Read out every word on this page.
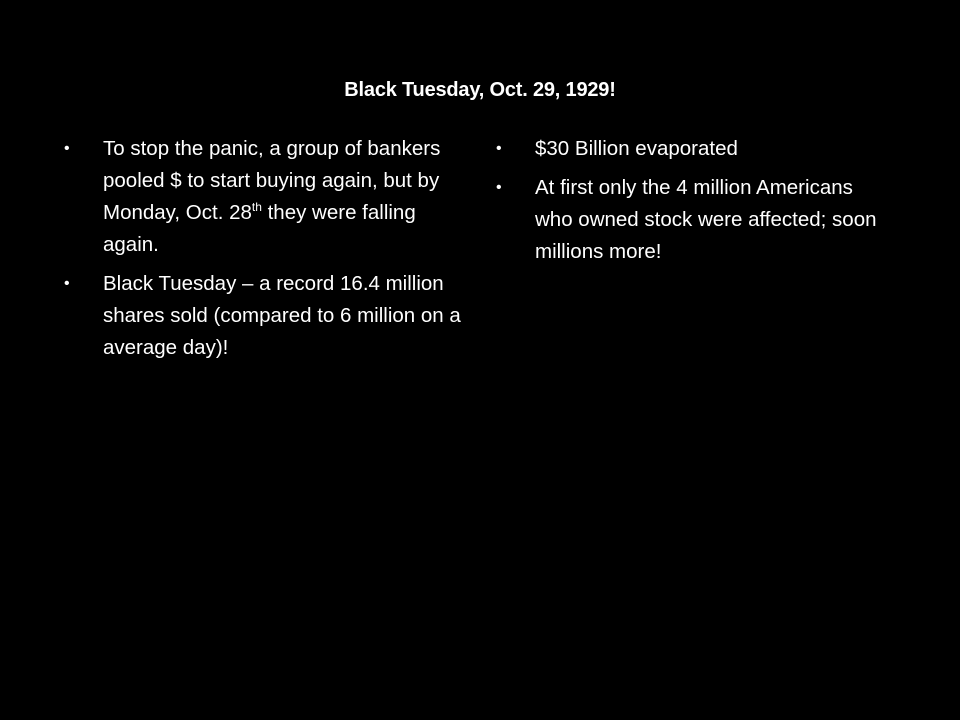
Black Tuesday, Oct. 29, 1929!
•	To stop the panic, a group of bankers pooled $ to start buying again, but by Monday, Oct. 28th they were falling again.
•	Black Tuesday – a record 16.4 million shares sold (compared to 6 million on a average day)!
•	$30 Billion evaporated
•	At first only the 4 million Americans who owned stock were affected; soon millions more!
